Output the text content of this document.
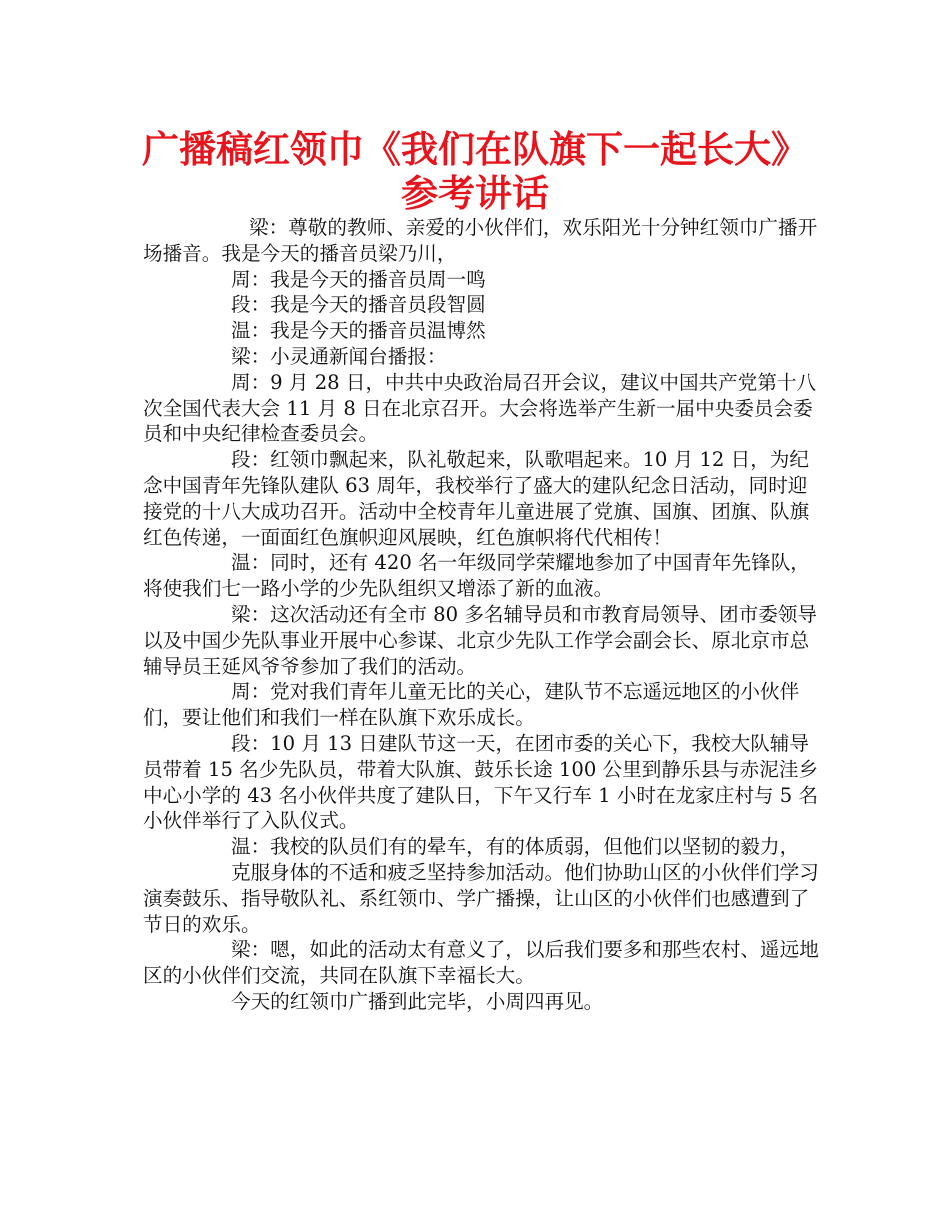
广播稿红领巾《我们在队旗下一起长大》
参考讲话

梁：尊敬的教师、亲爱的小伙伴们，欢乐阳光十分钟红领巾广播开场播音。我是今天的播音员梁乃川，

周：我是今天的播音员周一鸣

段：我是今天的播音员段智圆

温：我是今天的播音员温博然

梁：小灵通新闻台播报：

周：9 月 28 日，中共中央政治局召开会议，建议中国共产党第十八次全国代表大会 11 月 8 日在北京召开。大会将选举产生新一届中央委员会委员和中央纪律检查委员会。

段：红领巾飘起来，队礼敬起来，队歌唱起来。10 月 12 日，为纪念中国青年先锋队建队 63 周年，我校举行了盛大的建队纪念日活动，同时迎接党的十八大成功召开。活动中全校青年儿童进展了党旗、国旗、团旗、队旗红色传递，一面面红色旗帜迎风展映，红色旗帜将代代相传！

温：同时，还有 420 名一年级同学荣耀地参加了中国青年先锋队，将使我们七一路小学的少先队组织又增添了新的血液。

梁：这次活动还有全市 80 多名辅导员和市教育局领导、团市委领导以及中国少先队事业开展中心参谋、北京少先队工作学会副会长、原北京市总辅导员王延风爷爷参加了我们的活动。

周：党对我们青年儿童无比的关心，建队节不忘遥远地区的小伙伴们，要让他们和我们一样在队旗下欢乐成长。

段：10 月 13 日建队节这一天，在团市委的关心下，我校大队辅导员带着 15 名少先队员，带着大队旗、鼓乐长途 100 公里到静乐县与赤泥洼乡中心小学的 43 名小伙伴共度了建队日，下午又行车 1 小时在龙家庄村与 5 名小伙伴举行了入队仪式。

温：我校的队员们有的晕车，有的体质弱，但他们以坚韧的毅力，

克服身体的不适和疲乏坚持参加活动。他们协助山区的小伙伴们学习演奏鼓乐、指导敬队礼、系红领巾、学广播操，让山区的小伙伴们也感遭到了节日的欢乐。

梁：嗯，如此的活动太有意义了，以后我们要多和那些农村、遥远地区的小伙伴们交流，共同在队旗下幸福长大。

今天的红领巾广播到此完毕，小周四再见。
